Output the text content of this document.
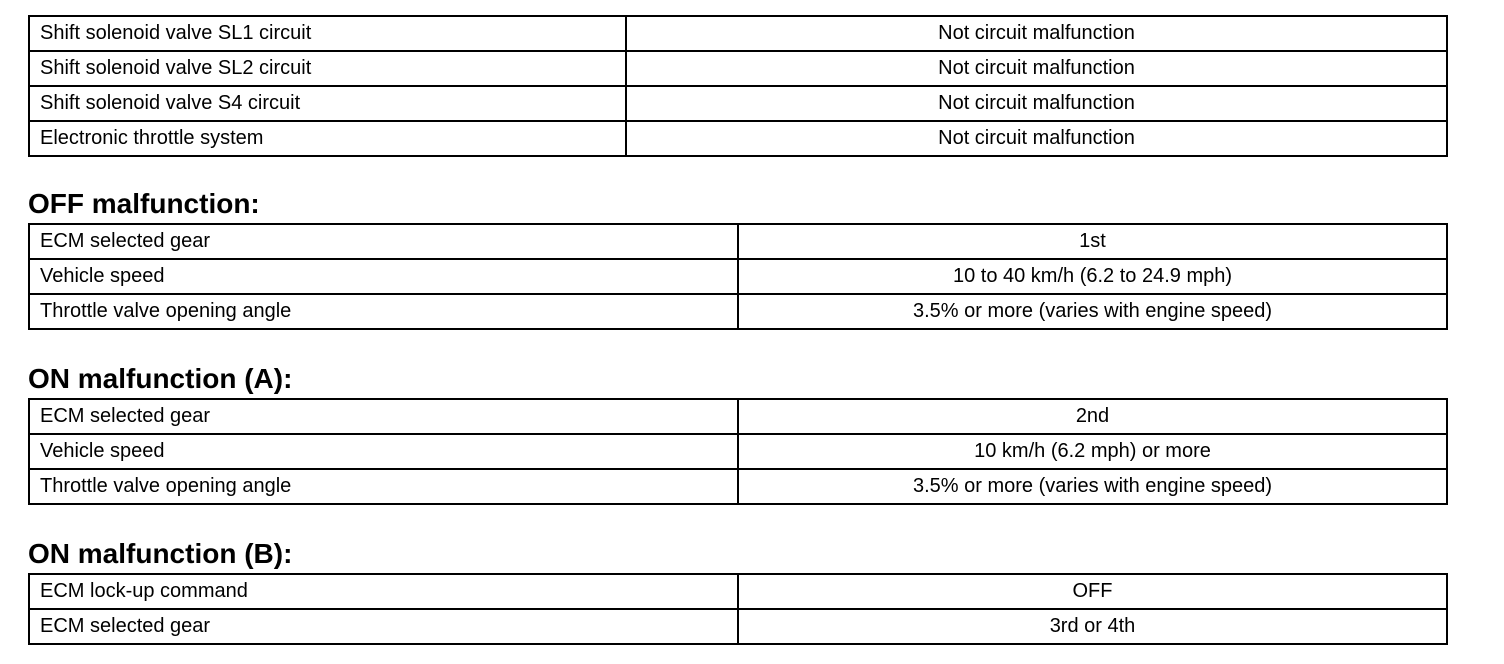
Shift solenoid valve SL1 circuit	Not circuit malfunction
Shift solenoid valve SL2 circuit	Not circuit malfunction
Shift solenoid valve S4 circuit	Not circuit malfunction
Electronic throttle system	Not circuit malfunction
OFF malfunction:
ECM selected gear	1st
Vehicle speed	10 to 40 km/h (6.2 to 24.9 mph)
Throttle valve opening angle	3.5% or more (varies with engine speed)
ON malfunction (A):
ECM selected gear	2nd
Vehicle speed	10 km/h (6.2 mph) or more
Throttle valve opening angle	3.5% or more (varies with engine speed)
ON malfunction (B):
ECM lock-up command	OFF
ECM selected gear	3rd or 4th
